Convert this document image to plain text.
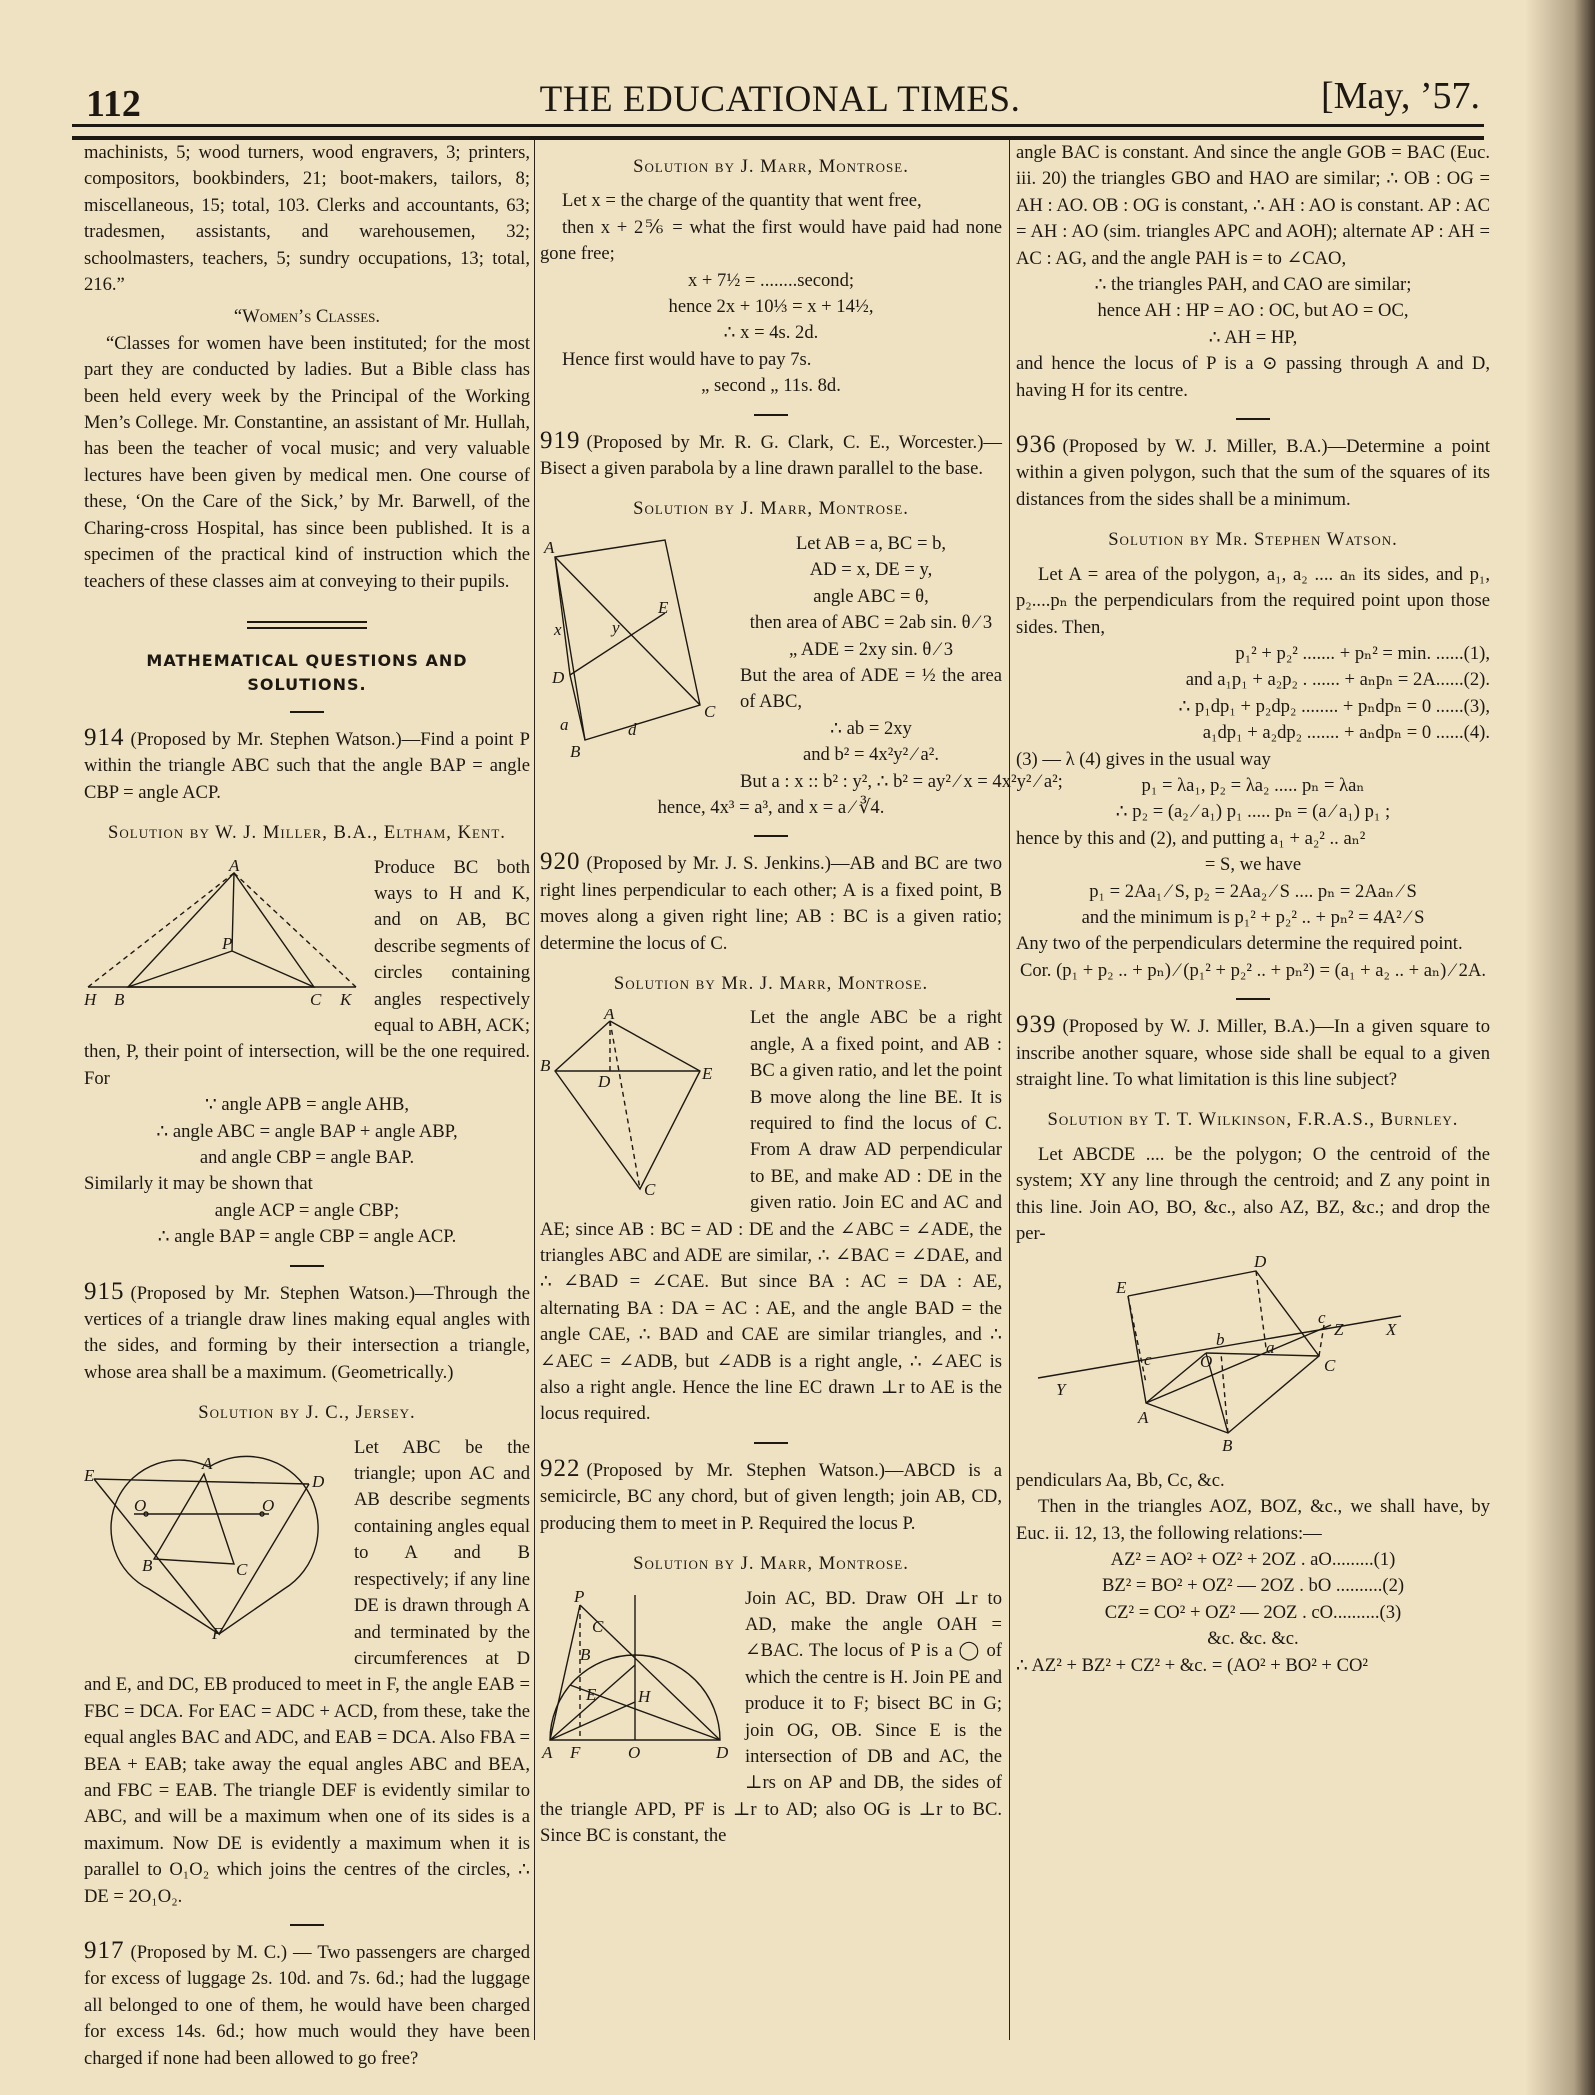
112	THE EDUCATIONAL TIMES.	[May, ’57.

machinists, 5; wood turners, wood engravers, 3; printers, compositors, bookbinders, 21; boot-makers, tailors, 8; miscellaneous, 15; total, 103. Clerks and accountants, 63; tradesmen, assistants, and warehousemen, 32; schoolmasters, teachers, 5; sundry occupations, 13; total, 216.”

“Women’s Classes.

“Classes for women have been instituted; for the most part they are conducted by ladies. But a Bible class has been held every week by the Principal of the Working Men’s College. Mr. Constantine, an assistant of Mr. Hullah, has been the teacher of vocal music; and very valuable lectures have been given by medical men. One course of these, ‘On the Care of the Sick,’ by Mr. Barwell, of the Charing-cross Hospital, has since been published. It is a specimen of the practical kind of instruction which the teachers of these classes aim at conveying to their pupils.

MATHEMATICAL QUESTIONS AND SOLUTIONS.

914 (Proposed by Mr. Stephen Watson.)—Find a point P within the triangle ABC such that the angle BAP = angle CBP = angle ACP.

Solution by W. J. Miller, B.A., Eltham, Kent.
A
P
H B	C K

Produce BC both ways to H and K, and on AB, BC describe segments of circles containing angles respectively equal to ABH, ACK; then, P, their point of intersection, will be the one required. For

∵ angle APB = angle AHB,
∴ angle ABC = angle BAP + angle ABP,
and angle CBP = angle BAP.

Similarly it may be shown that

angle ACP = angle CBP;
∴ angle BAP = angle CBP = angle ACP.

915 (Proposed by Mr. Stephen Watson.)—Through the vertices of a triangle draw lines making equal angles with the sides, and forming by their intersection a triangle, whose area shall be a maximum. (Geometrically.)

Solution by J. C., Jersey.
E
A
D
O	O
B	C
F

Let ABC be the triangle; upon AC and AB describe segments containing angles equal to A and B respectively; if any line DE is drawn through A and terminated by the circumferences at D and E, and DC, EB produced to meet in F, the angle EAB = FBC = DCA. For EAC = ADC + ACD, from these, take the equal angles BAC and ADC, and EAB = DCA. Also FBA = BEA + EAB; take away the equal angles ABC and BEA, and FBC = EAB. The triangle DEF is evidently similar to ABC, and will be a maximum when one of its sides is a maximum. Now DE is evidently a maximum when it is parallel to O₁O₂ which joins the centres of the circles, ∴ DE = 2O₁O₂.

917 (Proposed by M. C.) — Two passengers are charged for excess of luggage 2s. 10d. and 7s. 6d.; had the luggage all belonged to one of them, he would have been charged for excess 14s. 6d.; how much would they have been charged if none had been allowed to go free?

Solution by J. Marr, Montrose.

Let x = the charge of the quantity that went free,

then x + 2⅚ = what the first would have paid had none gone free;

x + 7½ = ........second;
hence 2x + 10⅓ = x + 14½,
∴ x = 4s. 2d.

Hence first would have to pay 7s.

„ second „ 11s. 8d.

919 (Proposed by Mr. R. G. Clark, C. E., Worcester.)—Bisect a given parabola by a line drawn parallel to the base.

Solution by J. Marr, Montrose.
A
x	y
E
D
C
a	d
B
Let AB = a, BC = b,
AD = x, DE = y,
angle ABC = θ,
then area of ABC = 2ab sin. θ ⁄ 3
„ ADE = 2xy sin. θ ⁄ 3

But the area of ADE = ½ the area of ABC,

∴ ab = 2xy
and b² = 4x²y² ⁄ a².
But a : x :: b² : y², ∴ b² = ay² ⁄ x = 4x²y² ⁄ a²;
hence, 4x³ = a³, and x = a ⁄ ∛4.

920 (Proposed by Mr. J. S. Jenkins.)—AB and BC are two right lines perpendicular to each other; A is a fixed point, B moves along a given right line; AB : BC is a given ratio; determine the locus of C.

Solution by Mr. J. Marr, Montrose.
A
B
D	E
C

Let the angle ABC be a right angle, A a fixed point, and AB : BC a given ratio, and let the point B move along the line BE. It is required to find the locus of C. From A draw AD perpendicular to BE, and make AD : DE in the given ratio. Join EC and AC and AE; since AB : BC = AD : DE and the ∠ABC = ∠ADE, the triangles ABC and ADE are similar, ∴ ∠BAC = ∠DAE, and ∴ ∠BAD = ∠CAE. But since BA : AC = DA : AE, alternating BA : DA = AC : AE, and the angle BAD = the angle CAE, ∴ BAD and CAE are similar triangles, and ∴ ∠AEC = ∠ADB, but ∠ADB is a right angle, ∴ ∠AEC is also a right angle. Hence the line EC drawn ⊥r to AE is the locus required.

922 (Proposed by Mr. Stephen Watson.)—ABCD is a semicircle, BC any chord, but of given length; join AB, CD, producing them to meet in P. Required the locus P.

Solution by J. Marr, Montrose.
P
C
B
E H
A F	O	D

Join AC, BD. Draw OH ⊥r to AD, make the angle OAH = ∠BAC. The locus of P is a ◯ of which the centre is H. Join PE and produce it to F; bisect BC in G; join OG, OB. Since E is the intersection of DB and AC, the ⊥rs on AP and DB, the sides of the triangle APD, PF is ⊥r to AD; also OG is ⊥r to BC. Since BC is constant, the

angle BAC is constant. And since the angle GOB = BAC (Euc. iii. 20) the triangles GBO and HAO are similar; ∴ OB : OG = AH : AO. OB : OG is constant, ∴ AH : AO is constant. AP : AC = AH : AO (sim. triangles APC and AOH); alternate AP : AH = AC : AG, and the angle PAH is = to ∠CAO,

∴ the triangles PAH, and CAO are similar;
hence AH : HP = AO : OC, but AO = OC,
∴ AH = HP,

and hence the locus of P is a ⊙ passing through A and D, having H for its centre.

936 (Proposed by W. J. Miller, B.A.)—Determine a point within a given polygon, such that the sum of the squares of its distances from the sides shall be a minimum.

Solution by Mr. Stephen Watson.

Let A = area of the polygon, a₁, a₂ .... aₙ its sides, and p₁, p₂....pₙ the perpendiculars from the required point upon those sides. Then,

p₁² + p₂² ....... + pₙ² = min. ......(1),
and a₁p₁ + a₂p₂ . ...... + aₙpₙ = 2A......(2).
∴ p₁dp₁ + p₂dp₂ ........ + pₙdpₙ = 0 ......(3),
a₁dp₁ + a₂dp₂ ....... + aₙdpₙ = 0 ......(4).

(3) — λ (4) gives in the usual way

p₁ = λa₁, p₂ = λa₂ ..... pₙ = λaₙ
∴ p₂ = (a₂ ⁄ a₁) p₁ ..... pₙ = (a ⁄ a₁) p₁ ;

hence by this and (2), and putting a₁ + a₂² .. aₙ²

= S, we have
p₁ = 2Aa₁ ⁄ S, p₂ = 2Aa₂ ⁄ S .... pₙ = 2Aaₙ ⁄ S
and the minimum is p₁² + p₂² .. + pₙ² = 4A² ⁄ S

Any two of the perpendiculars determine the required point.

Cor. (p₁ + p₂ .. + pₙ) ⁄ (p₁² + p₂² .. + pₙ²) = (a₁ + a₂ .. + aₙ) ⁄ 2A.

939 (Proposed by W. J. Miller, B.A.)—In a given square to inscribe another square, whose side shall be equal to a given straight line. To what limitation is this line subject?

Solution by T. T. Wilkinson, F.R.A.S., Burnley.

Let ABCDE .... be the polygon; O the centroid of the system; XY any line through the centroid; and Z any point in this line. Join AO, BO, &c., also AZ, BZ, &c.; and drop the per-

D
E
X
Y
b a
c
c
Z
O	C
A
B

pendiculars Aa, Bb, Cc, &c.

Then in the triangles AOZ, BOZ, &c., we shall have, by Euc. ii. 12, 13, the following relations:—

AZ² = AO² + OZ² + 2OZ . aO.........(1)
BZ² = BO² + OZ² — 2OZ . bO ..........(2)
CZ² = CO² + OZ² — 2OZ . cO..........(3)
&c. &c. &c.

∴ AZ² + BZ² + CZ² + &c. = (AO² + BO² + CO²
